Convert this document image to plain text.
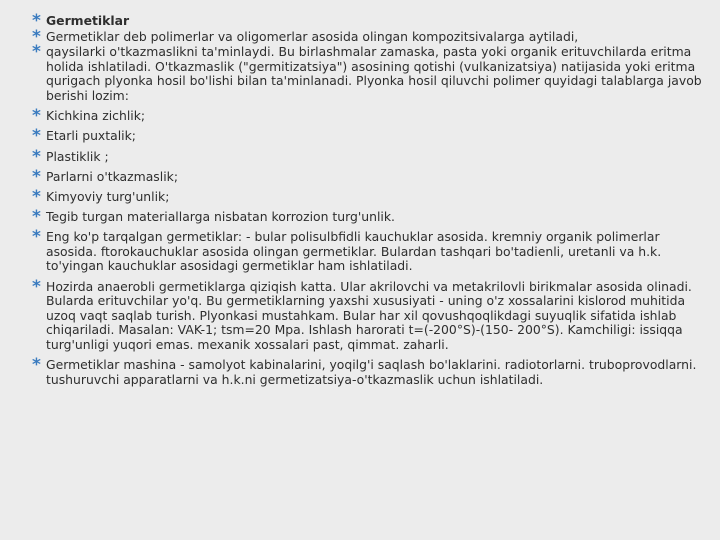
* Germetiklar
* Germetiklar deb polimerlar va oligomerlar asosida olingan kompozitsivalarga aytiladi,
* qaysilarki o'tkazmaslikni ta'minlaydi. Bu birlashmalar zamaska, pasta yoki organik erituvchilarda eritma holida ishlatiladi. O'tkazmaslik ("germitizatsiya") asosining qotishi (vulkanizatsiya) natijasida yoki eritma qurigach plyonka hosil bo'lishi bilan ta'minlanadi. Plyonka hosil qiluvchi polimer quyidagi talablarga javob berishi lozim:
* Kichkina zichlik;
* Etarli puxtalik;
* Plastiklik ;
* Parlarni o'tkazmaslik;
* Kimyoviy turg'unlik;
* Tegib turgan materiallarga nisbatan korrozion turg'unlik.
* Eng ko'p tarqalgan germetiklar: - bular polisulbfidli kauchuklar asosida. kremniy organik polimerlar asosida. ftorokauchuklar asosida olingan germetiklar. Bulardan tashqari bo'tadienli, uretanli va h.k. to'yingan kauchuklar asosidagi germetiklar ham ishlatiladi.
* Hozirda anaerobli germetiklarga qiziqish katta. Ular akrilovchi va metakrilovli birikmalar asosida olinadi. Bularda erituvchilar yo'q. Bu germetiklarning yaxshi xususiyati - uning o'z xossalarini kislorod muhitida uzoq vaqt saqlab turish. Plyonkasi mustahkam. Bular har xil qovushqoqlikdagi suyuqlik sifatida ishlab chiqariladi. Masalan: VAK-1; tsm=20 Mpa. Ishlash harorati t=(-200°S)-(150- 200°S). Kamchiligi: issiqqa turg'unligi yuqori emas. mexanik xossalari past, qimmat. zaharli.
* Germetiklar mashina - samolyot kabinalarini, yoqilg'i saqlash bo'laklarini. radiotorlarni. truboprovodlarni. tushuruvchi apparatlarni va h.k.ni germetizatsiya-o'tkazmaslik uchun ishlatiladi.
